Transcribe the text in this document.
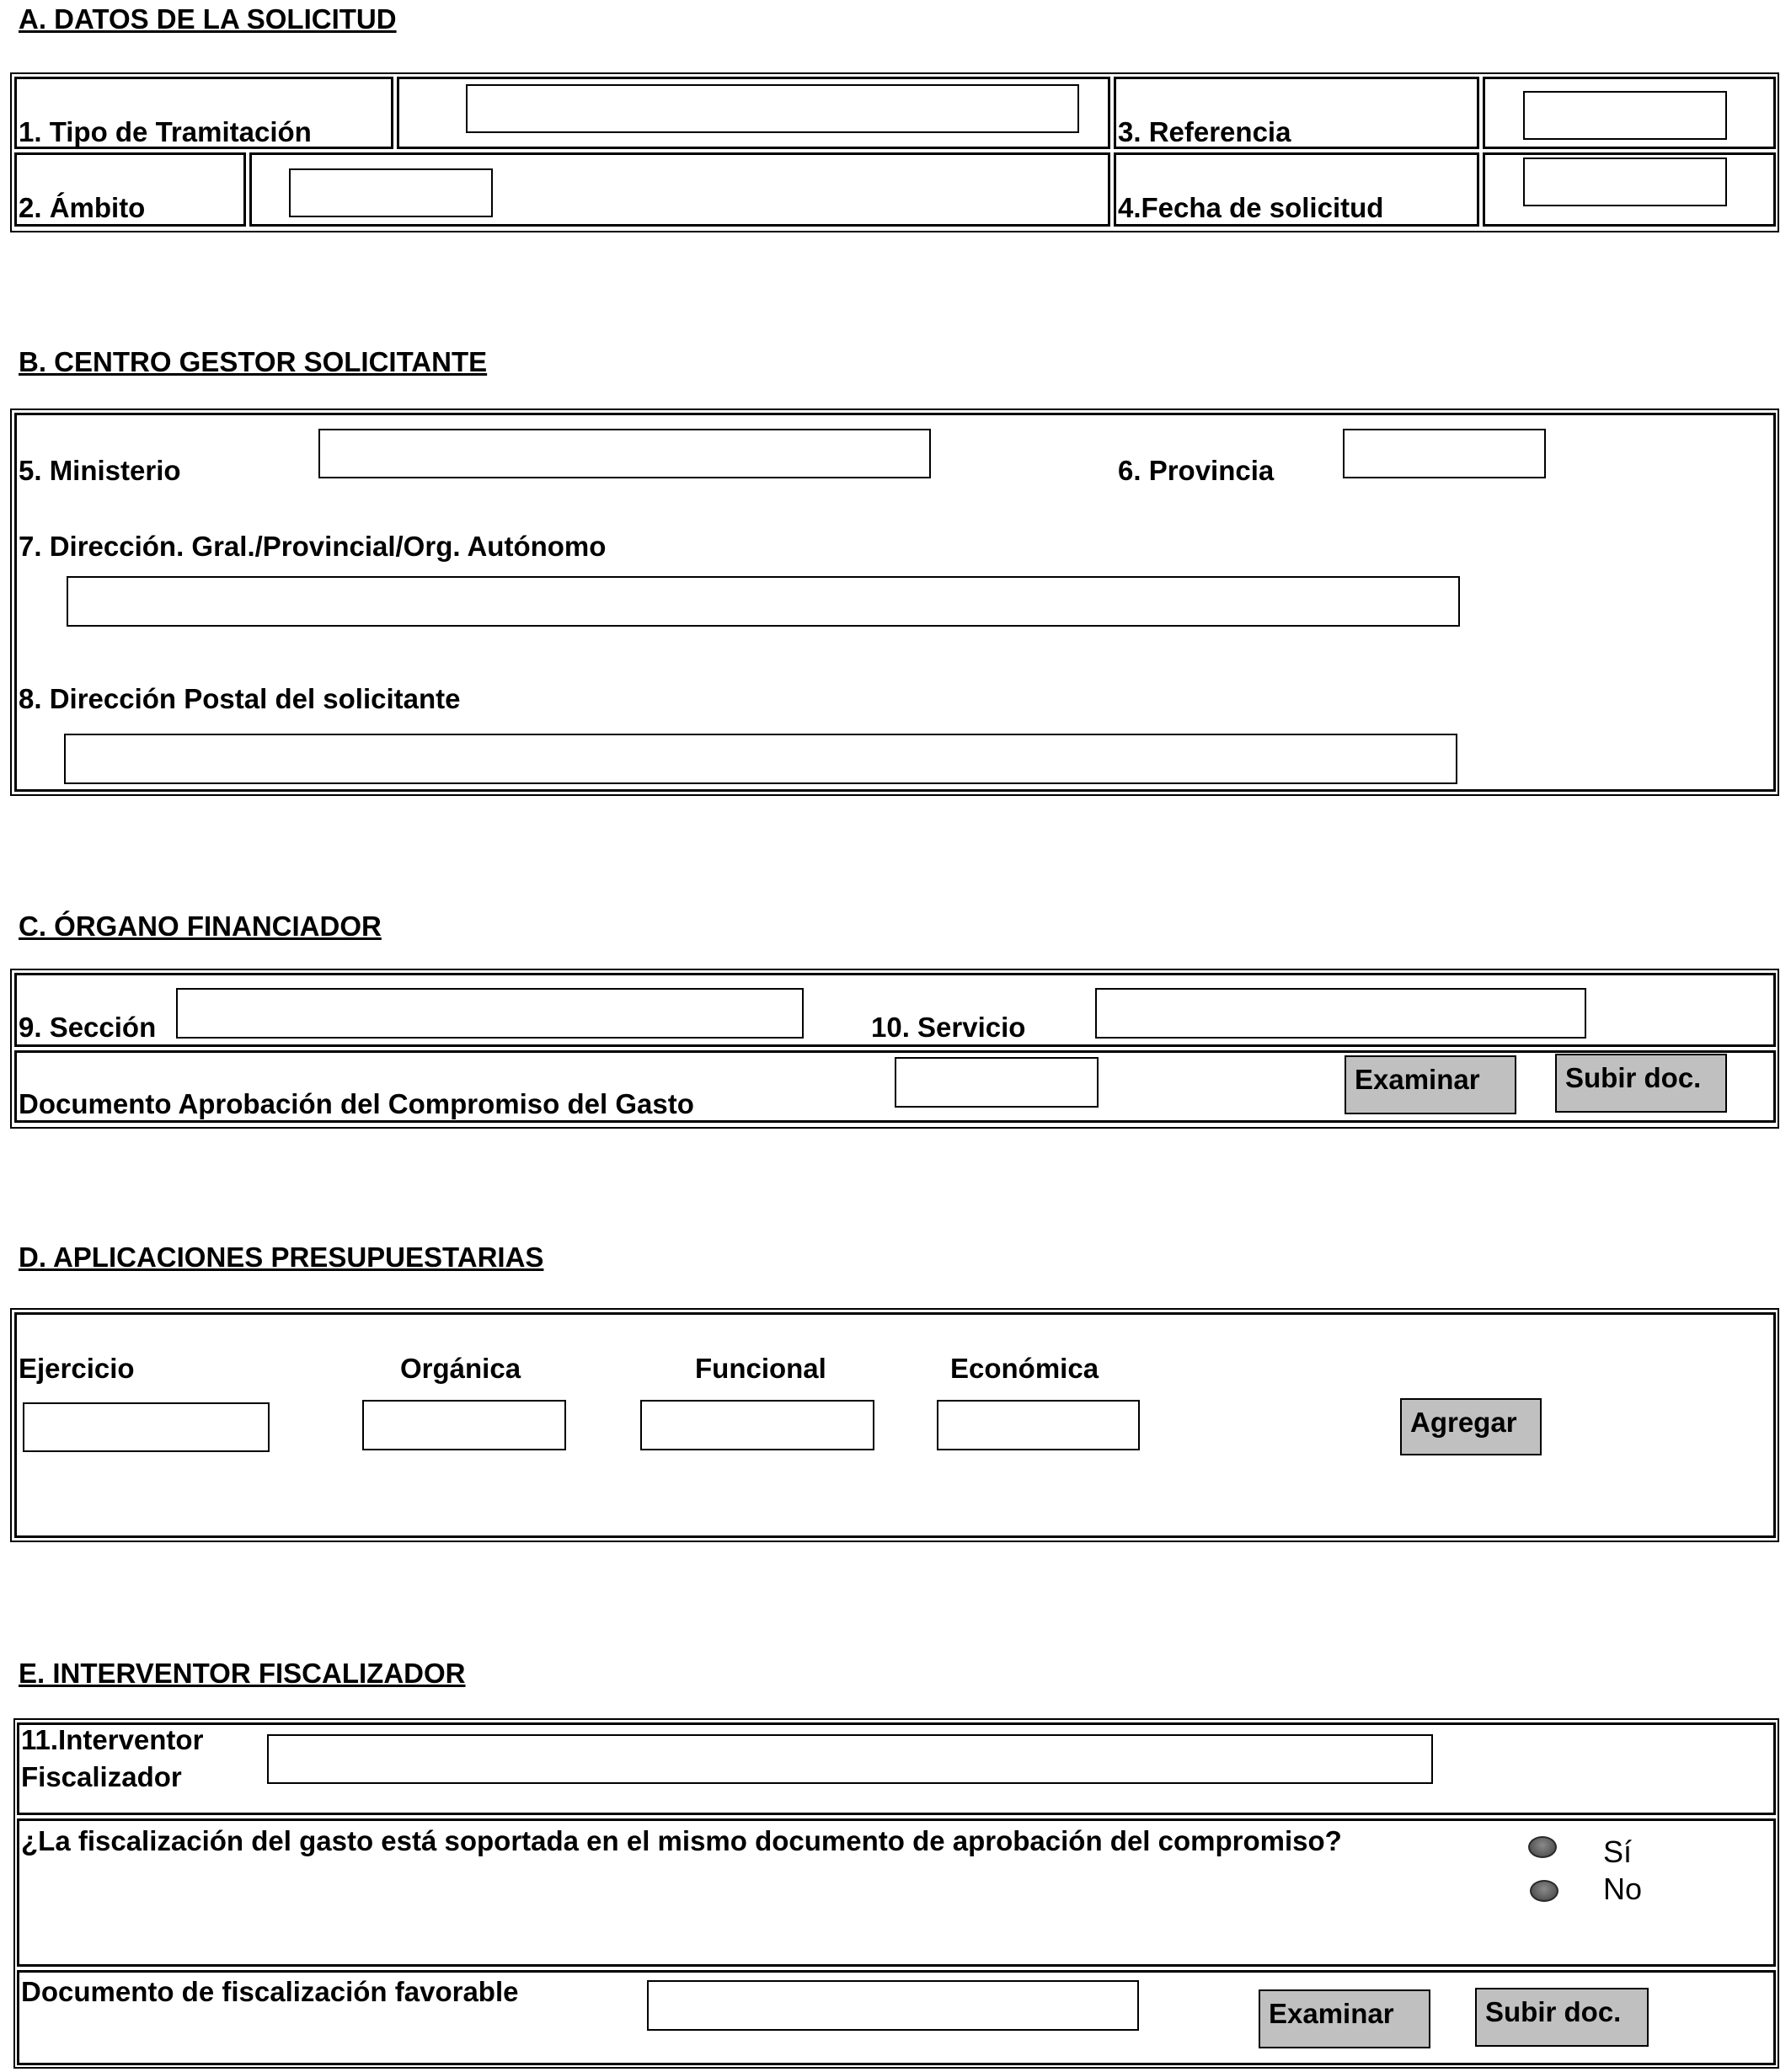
A. DATOS DE LA SOLICITUD
1. Tipo de Tramitación	3. Referencia
2. Ámbito	4.Fecha de solicitud
B. CENTRO GESTOR SOLICITANTE
5. Ministerio	6. Provincia
7. Dirección. Gral./Provincial/Org. Autónomo
8. Dirección Postal del solicitante
C. ÓRGANO FINANCIADOR
9. Sección	10. Servicio
Documento Aprobación del Compromiso del Gasto
Examinar	Subir doc.
D. APLICACIONES PRESUPUESTARIAS
Ejercicio	Orgánica	Funcional	Económica
Agregar
E. INTERVENTOR FISCALIZADOR
11.Interventor Fiscalizador
¿La fiscalización del gasto está soportada en el mismo documento de aprobación del compromiso?	Sí
No
Documento de fiscalización favorable
Examinar	Subir doc.
